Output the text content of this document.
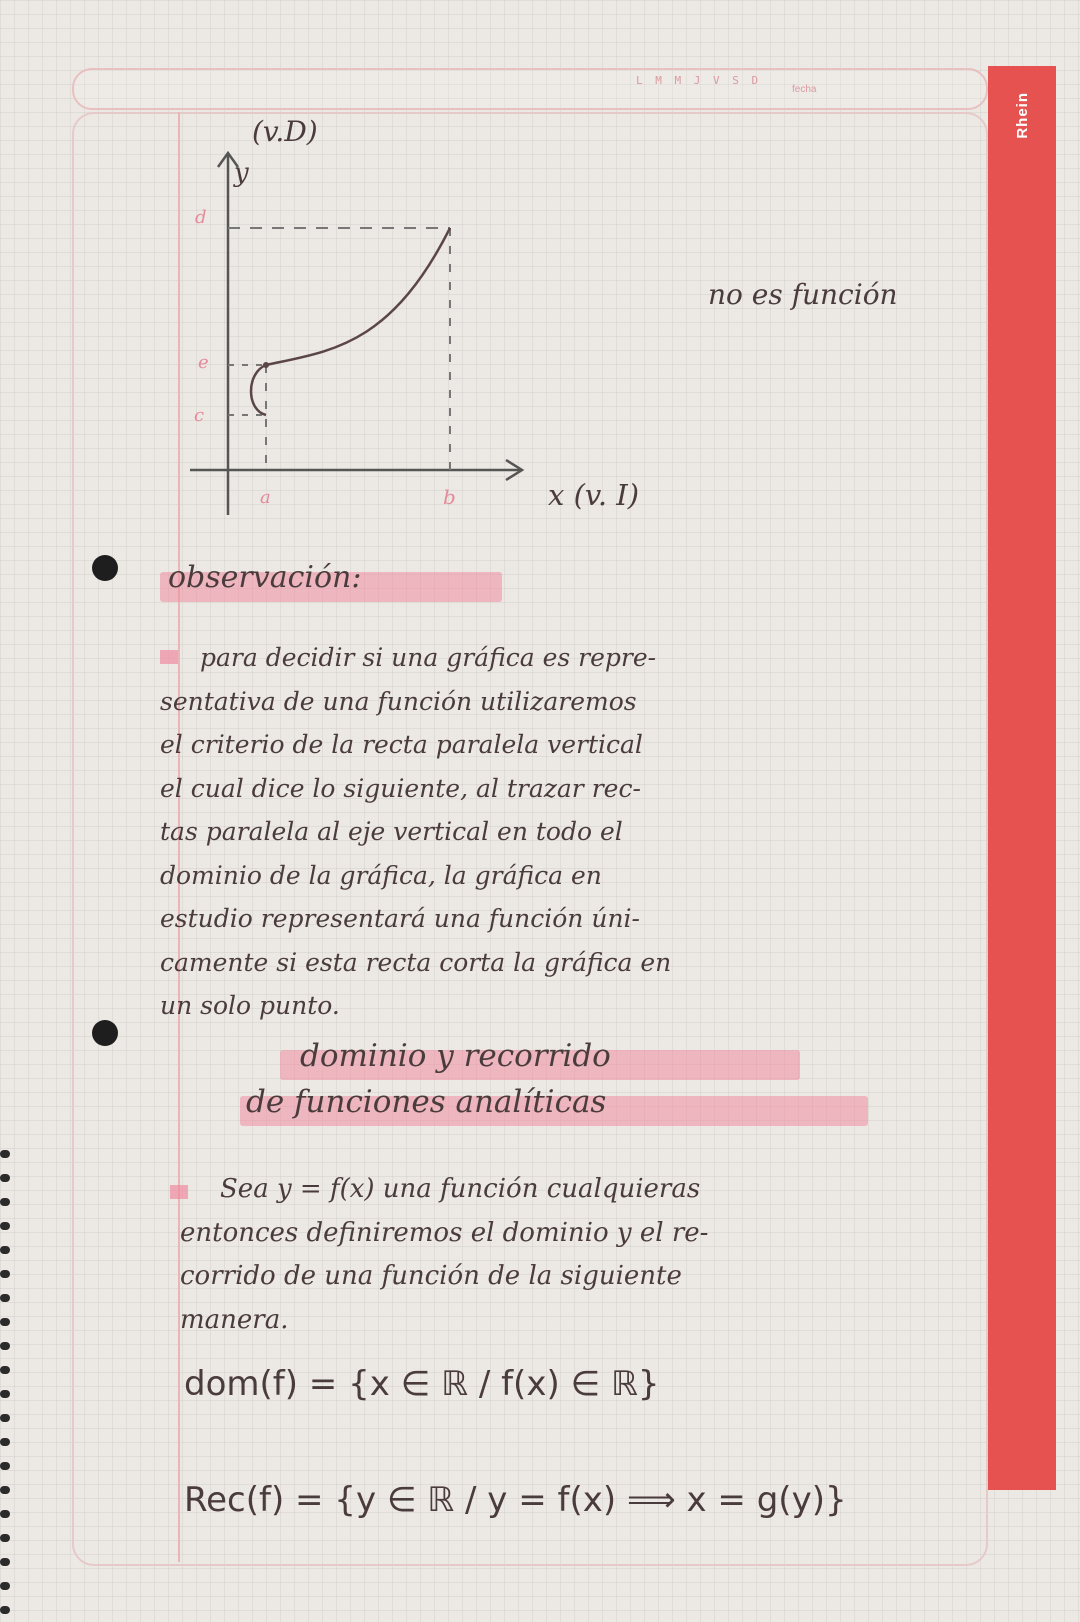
L M M J V S D
fecha
Rhein
(v.D)
y
d
e
c
a	b	x (v. I)
no es función
observación:
para decidir si una gráfica es repre-
sentativa de una función utilizaremos
el criterio de la recta paralela vertical
el cual dice lo siguiente, al trazar rec-
tas paralela al eje vertical en todo el
dominio de la gráfica, la gráfica en
estudio representará una función úni-
camente si esta recta corta la gráfica en
un solo punto.
dominio y recorrido
de funciones analíticas
Sea y = f(x) una función cualquieras
entonces definiremos el dominio y el re-
corrido de una función de la siguiente
manera.
dom(f) = {x ∈ ℝ / f(x) ∈ ℝ}
Rec(f) = {y ∈ ℝ / y = f(x) ⟹ x = g(y)}
